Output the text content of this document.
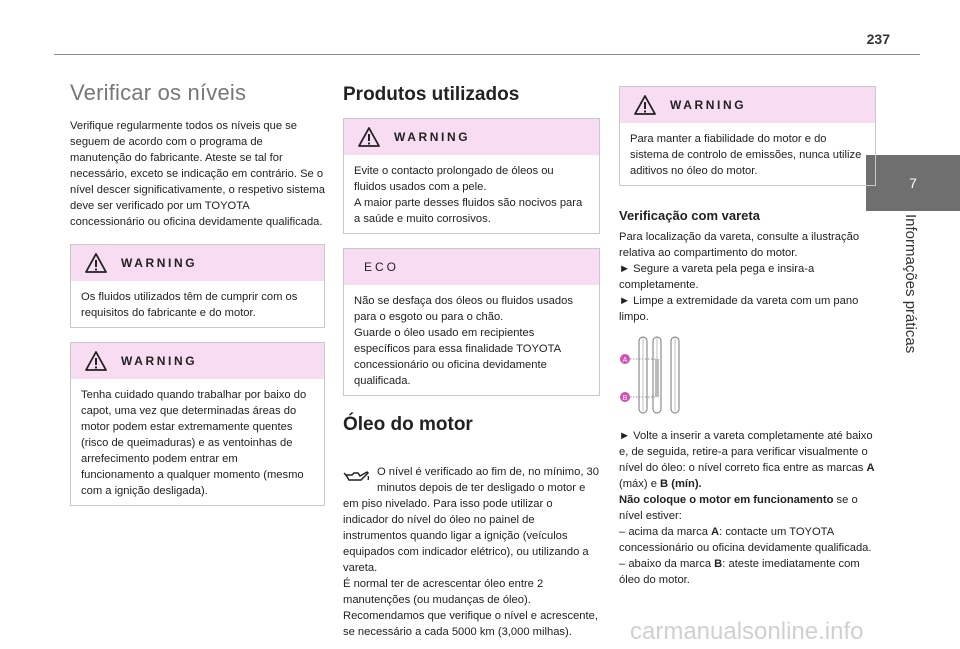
237
7
Informações práticas
Verificar os níveis

Verifique regularmente todos os níveis que se seguem de acordo com o programa de manutenção do fabricante. Ateste se tal for necessário, exceto se indicação em contrário. Se o nível descer significativamente, o respetivo sistema deve ser verificado por um TOYOTA concessionário ou oficina devidamente qualificada.

WARNING
Os fluidos utilizados têm de cumprir com os requisitos do fabricante e do motor.
WARNING
Tenha cuidado quando trabalhar por baixo do capot, uma vez que determinadas áreas do motor podem estar extremamente quentes (risco de queimaduras) e as ventoinhas de arrefecimento podem entrar em funcionamento a qualquer momento (mesmo com a ignição desligada).
Produtos utilizados
WARNING
Evite o contacto prolongado de óleos ou fluidos usados com a pele.
A maior parte desses fluidos são nocivos para a saúde e muito corrosivos.
ECO
Não se desfaça dos óleos ou fluidos usados para o esgoto ou para o chão.
Guarde o óleo usado em recipientes específicos para essa finalidade TOYOTA concessionário ou oficina devidamente qualificada.
Óleo do motor

O nível é verificado ao fim de, no mínimo, 30 minutos depois de ter desligado o motor e em piso nivelado. Para isso pode utilizar o indicador do nível do óleo no painel de instrumentos quando ligar a ignição (veículos equipados com indicador elétrico), ou utilizando a vareta.
É normal ter de acrescentar óleo entre 2 manutenções (ou mudanças de óleo). Recomendamos que verifique o nível e acrescente, se necessário a cada 5000 km (3,000 milhas).

WARNING
Para manter a fiabilidade do motor e do sistema de controlo de emissões, nunca utilize aditivos no óleo do motor.
Verificação com vareta

Para localização da vareta, consulte a ilustração relativa ao compartimento do motor.
► Segure a vareta pela pega e insira-a completamente.
► Limpe a extremidade da vareta com um pano limpo.

A
B

► Volte a inserir a vareta completamente até baixo e, de seguida, retire-a para verificar visualmente o nível do óleo: o nível correto fica entre as marcas A (máx) e B (mín).
Não coloque o motor em funcionamento se o nível estiver:
– acima da marca A: contacte um TOYOTA concessionário ou oficina devidamente qualificada.
– abaixo da marca B: ateste imediatamente com óleo do motor.

carmanualsonline.info
